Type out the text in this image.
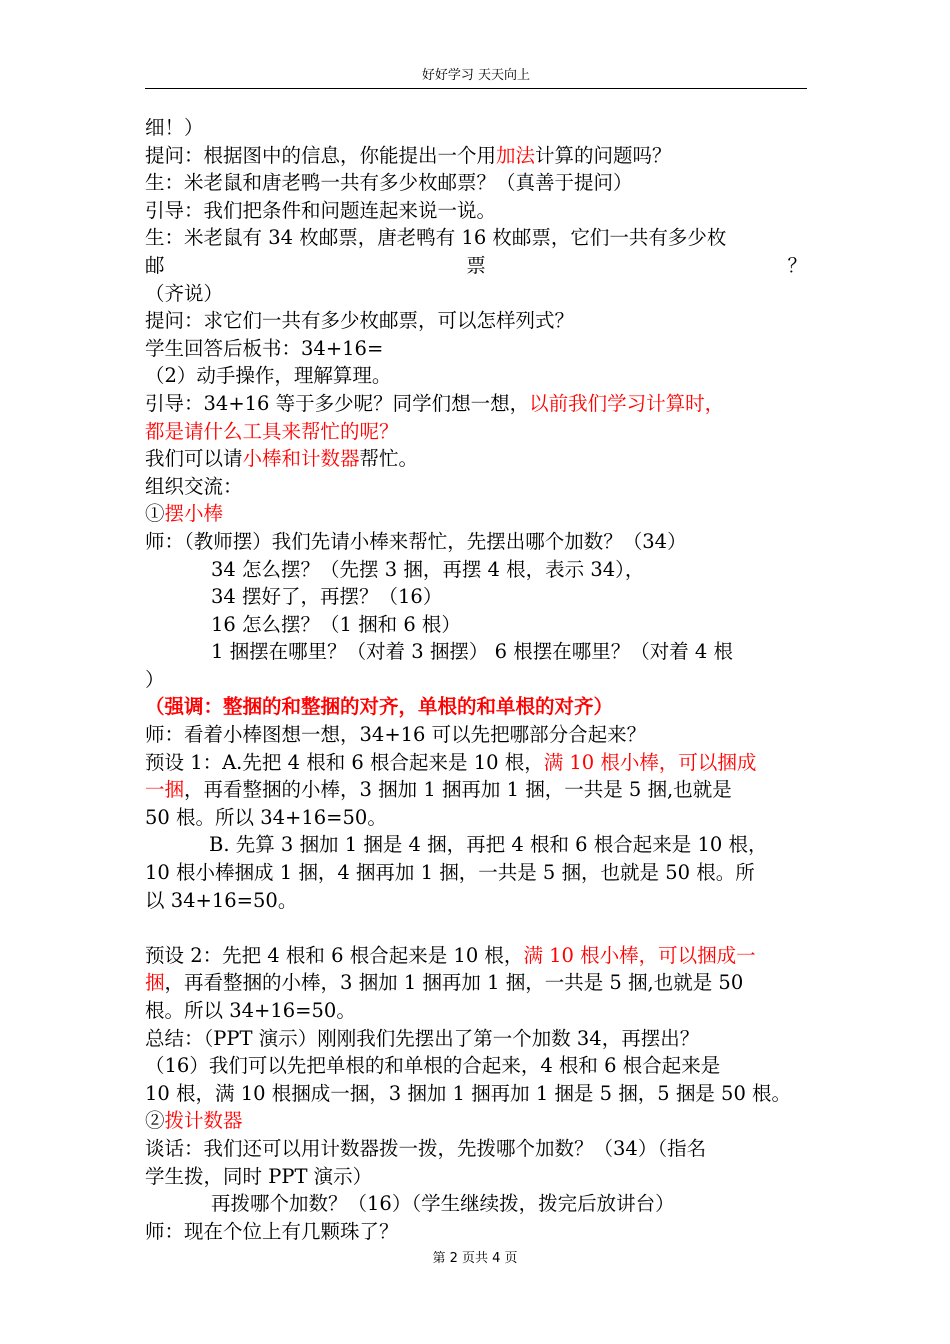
好好学习 天天向上

细！）

提问：根据图中的信息，你能提出一个用加法计算的问题吗？

生：米老鼠和唐老鸭一共有多少枚邮票？（真善于提问）

引导：我们把条件和问题连起来说一说。

生：米老鼠有 34 枚邮票，唐老鸭有 16 枚邮票，它们一共有多少枚

邮	票	？

（齐说）

提问：求它们一共有多少枚邮票，可以怎样列式？

学生回答后板书：34+16=

（2）动手操作，理解算理。

引导：34+16 等于多少呢？同学们想一想，以前我们学习计算时，

都是请什么工具来帮忙的呢？

我们可以请小棒和计数器帮忙。

组织交流：

①摆小棒

师：（教师摆）我们先请小棒来帮忙，先摆出哪个加数？（34）

34 怎么摆？（先摆 3 捆，再摆 4 根，表示 34），

34 摆好了，再摆？（16）

16 怎么摆？（1 捆和 6 根）

1 捆摆在哪里？（对着 3 捆摆） 6 根摆在哪里？（对着 4 根

）

（强调：整捆的和整捆的对齐，单根的和单根的对齐）

师：看着小棒图想一想，34+16 可以先把哪部分合起来？

预设 1：A.先把 4 根和 6 根合起来是 10 根，满 10 根小棒，可以捆成

一捆，再看整捆的小棒，3 捆加 1 捆再加 1 捆，一共是 5 捆,也就是

50 根。所以 34+16=50。

B. 先算 3 捆加 1 捆是 4 捆，再把 4 根和 6 根合起来是 10 根，

10 根小棒捆成 1 捆，4 捆再加 1 捆，一共是 5 捆，也就是 50 根。所

以 34+16=50。

预设 2：先把 4 根和 6 根合起来是 10 根，满 10 根小棒，可以捆成一

捆，再看整捆的小棒，3 捆加 1 捆再加 1 捆，一共是 5 捆,也就是 50

根。所以 34+16=50。

总结：（PPT 演示）刚刚我们先摆出了第一个加数 34，再摆出？

（16）我们可以先把单根的和单根的合起来，4 根和 6 根合起来是

10 根，满 10 根捆成一捆，3 捆加 1 捆再加 1 捆是 5 捆，5 捆是 50 根。

②拨计数器

谈话：我们还可以用计数器拨一拨，先拨哪个加数？（34）（指名

学生拨，同时 PPT 演示）

再拨哪个加数？（16）（学生继续拨，拨完后放讲台）

师：现在个位上有几颗珠了？

第 2 页共 4 页
